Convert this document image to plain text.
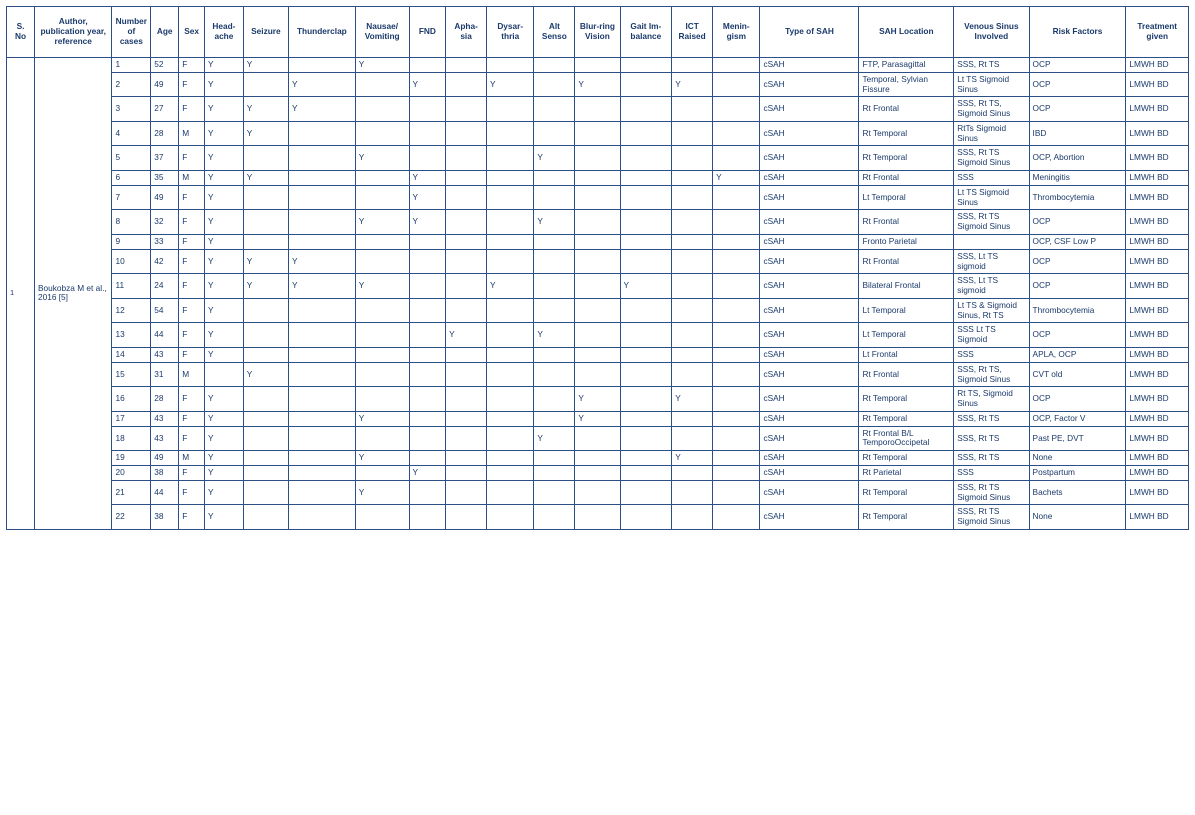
S. No	Author, publication year, reference	Number of cases	Age	Sex	Head-ache	Seizure	Thunderclap	Nausae/ Vomiting	FND	Apha-sia	Dysar-thria	Alt Senso	Blur-ring Vision	Gait Im-balance	ICT Raised	Menin-gism	Type of SAH	SAH Location	Venous Sinus Involved	Risk Factors	Treatment given
1	Boukobza M et al., 2016 [5]	1	52	F	Y	Y		Y									cSAH	FTP, Parasagittal	SSS, Rt TS	OCP	LMWH BD
		2	49	F	Y		Y		Y		Y		Y		Y		cSAH	Temporal, Sylvian Fissure	Lt TS Sigmoid Sinus	OCP	LMWH BD
		3	27	F	Y	Y	Y										cSAH	Rt Frontal	SSS, Rt TS, Sigmoid Sinus	OCP	LMWH BD
		4	28	M	Y	Y											cSAH	Rt Temporal	RtTs Sigmoid Sinus	IBD	LMWH BD
		5	37	F	Y			Y				Y					cSAH	Rt Temporal	SSS, Rt TS Sigmoid Sinus	OCP, Abortion	LMWH BD
		6	35	M	Y	Y			Y							Y	cSAH	Rt Frontal	SSS	Meningitis	LMWH BD
		7	49	F	Y				Y								cSAH	Lt Temporal	Lt TS Sigmoid Sinus	Thrombocytemia	LMWH BD
		8	32	F	Y			Y	Y			Y					cSAH	Rt Frontal	SSS, Rt TS Sigmoid Sinus	OCP	LMWH BD
		9	33	F	Y												cSAH	Fronto Parietal		OCP, CSF Low P	LMWH BD
		10	42	F	Y	Y	Y										cSAH	Rt Frontal	SSS, Lt TS sigmoid	OCP	LMWH BD
		11	24	F	Y	Y	Y	Y			Y			Y			cSAH	Bilateral Frontal	SSS, Lt TS sigmoid	OCP	LMWH BD
		12	54	F	Y												cSAH	Lt Temporal	Lt TS & Sigmoid Sinus, Rt TS	Thrombocytemia	LMWH BD
		13	44	F	Y					Y		Y					cSAH	Lt Temporal	SSS Lt TS Sigmoid	OCP	LMWH BD
		14	43	F	Y												cSAH	Lt Frontal	SSS	APLA, OCP	LMWH BD
		15	31	M		Y											cSAH	Rt Frontal	SSS, Rt TS, Sigmoid Sinus	CVT old	LMWH BD
		16	28	F	Y								Y		Y		cSAH	Rt Temporal	Rt TS, Sigmoid Sinus	OCP	LMWH BD
		17	43	F	Y			Y					Y				cSAH	Rt Temporal	SSS, Rt TS	OCP, Factor V	LMWH BD
		18	43	F	Y							Y					cSAH	Rt Frontal B/L TemporoOccipetal	SSS, Rt TS	Past PE, DVT	LMWH BD
		19	49	M	Y			Y							Y		cSAH	Rt Temporal	SSS, Rt TS	None	LMWH BD
		20	38	F	Y				Y								cSAH	Rt Parietal	SSS	Postpartum	LMWH BD
		21	44	F	Y			Y									cSAH	Rt Temporal	SSS, Rt TS Sigmoid Sinus	Bachets	LMWH BD
		22	38	F	Y												cSAH	Rt Temporal	SSS, Rt TS Sigmoid Sinus	None	LMWH BD
